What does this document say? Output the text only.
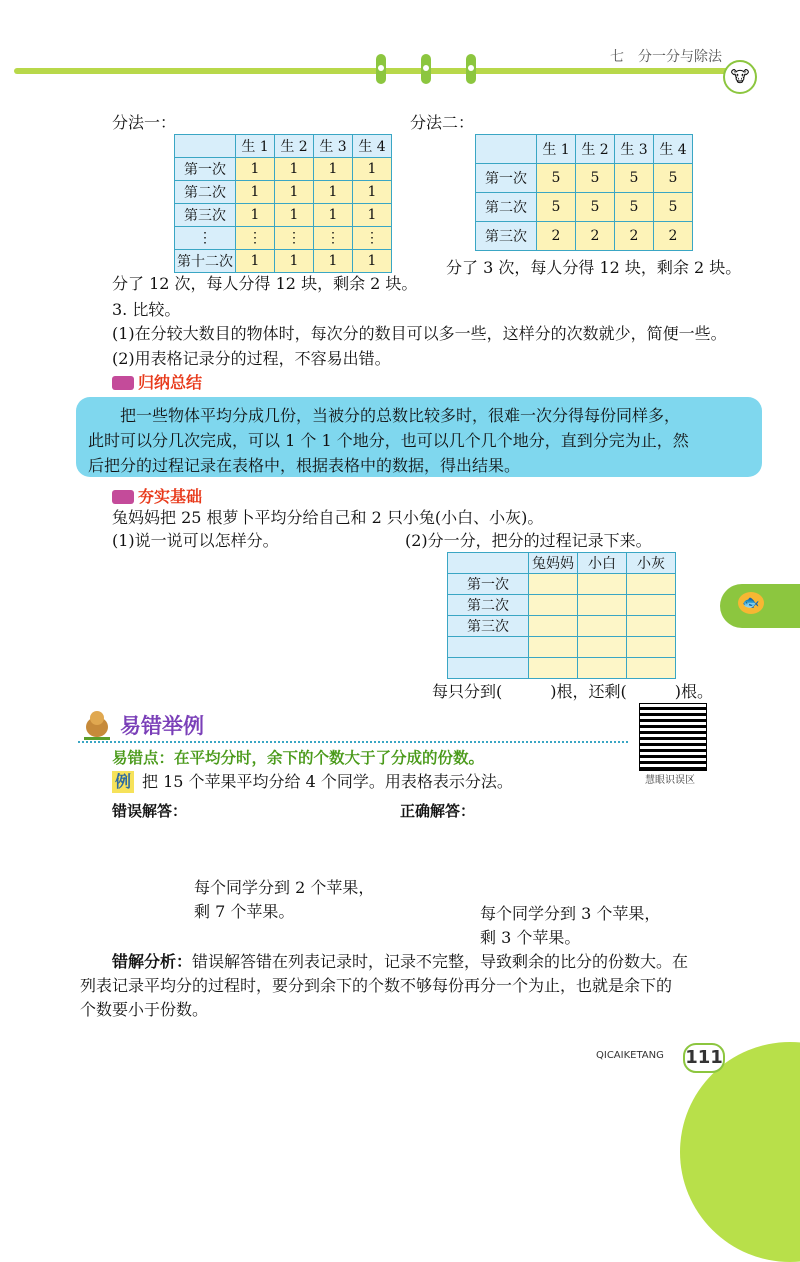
七　分一分与除法
🐮
分法一：
	生 1	生 2	生 3	生 4
第一次	1	1	1	1
第二次	1	1	1	1
第三次	1	1	1	1
⋮	⋮	⋮	⋮	⋮
第十二次	1	1	1	1
分了 12 次，每人分得 12 块，剩余 2 块。
分法二：
	生 1	生 2	生 3	生 4
第一次	5	5	5	5
第二次	5	5	5	5
第三次	2	2	2	2
分了 3 次，每人分得 12 块，剩余 2 块。
3. 比较。
(1)在分较大数目的物体时，每次分的数目可以多一些，这样分的次数就少，简便一些。
(2)用表格记录分的过程，不容易出错。
归纳总结

　　把一些物体平均分成几份，当被分的总数比较多时，很难一次分得每份同样多，

此时可以分几次完成，可以 1 个 1 个地分，也可以几个几个地分，直到分完为止，然

后把分的过程记录在表格中，根据表格中的数据，得出结果。

夯实基础
兔妈妈把 25 根萝卜平均分给自己和 2 只小兔(小白、小灰)。
(1)说一说可以怎样分。	(2)分一分，把分的过程记录下来。
	兔妈妈	小白	小灰
第一次			
第二次			
第三次			

每只分到(　　　)根，还剩(　　　)根。
🐟
易错举例
慧眼识误区
易错点：在平均分时，余下的个数大于了分成的份数。
例 把 15 个苹果平均分给 4 个同学。用表格表示分法。
错误解答：
每个同学分到 2 个苹果，
剩 7 个苹果。
正确解答：
每个同学分到 3 个苹果，
剩 3 个苹果。
错解分析：错误解答错在列表记录时，记录不完整，导致剩余的比分的份数大。在
列表记录平均分的过程时，要分到余下的个数不够每份再分一个为止，也就是余下的
个数要小于份数。
QICAIKETANG 111
